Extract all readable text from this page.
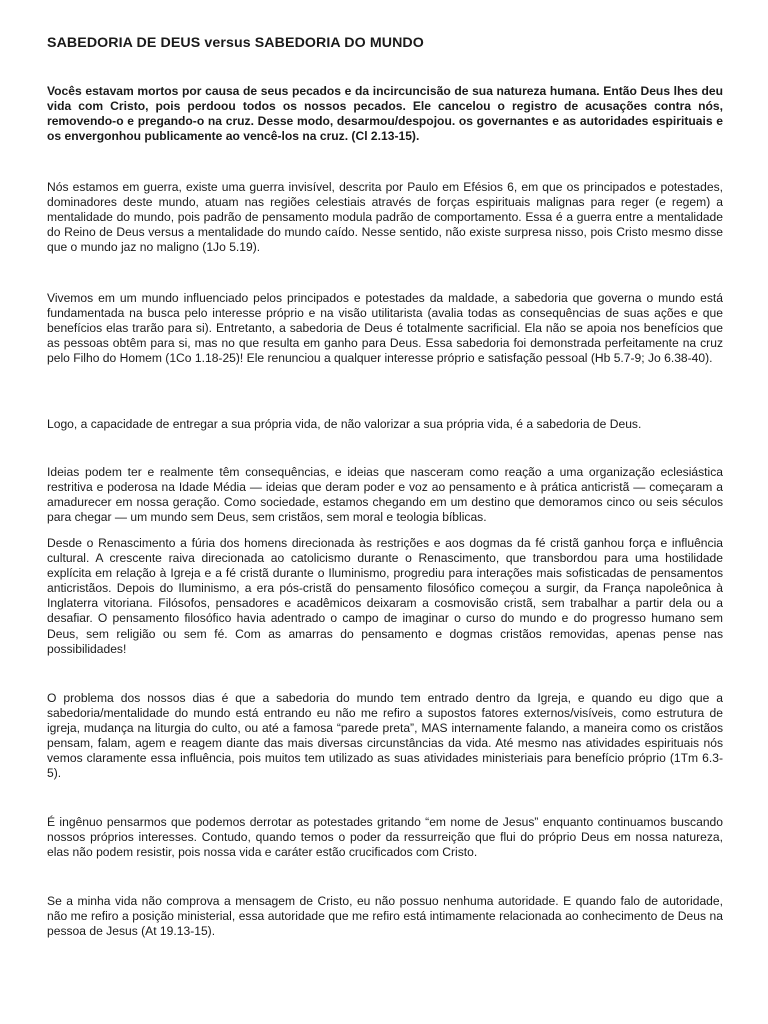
SABEDORIA DE DEUS versus SABEDORIA DO MUNDO

Vocês estavam mortos por causa de seus pecados e da incircuncisão de sua natureza humana. Então Deus lhes deu vida com Cristo, pois perdoou todos os nossos pecados. Ele cancelou o registro de acusações contra nós, removendo-o e pregando-o na cruz. Desse modo, desarmou/despojou. os governantes e as autoridades espirituais e os envergonhou publicamente ao vencê-los na cruz. (Cl 2.13-15).

Nós estamos em guerra, existe uma guerra invisível, descrita por Paulo em Efésios 6, em que os principados e potestades, dominadores deste mundo, atuam nas regiões celestiais através de forças espirituais malignas para reger (e regem) a mentalidade do mundo, pois padrão de pensamento modula padrão de comportamento. Essa é a guerra entre a mentalidade do Reino de Deus versus a mentalidade do mundo caído. Nesse sentido, não existe surpresa nisso, pois Cristo mesmo disse que o mundo jaz no maligno (1Jo 5.19).

Vivemos em um mundo influenciado pelos principados e potestades da maldade, a sabedoria que governa o mundo está fundamentada na busca pelo interesse próprio e na visão utilitarista (avalia todas as consequências de suas ações e que benefícios elas trarão para si). Entretanto, a sabedoria de Deus é totalmente sacrificial. Ela não se apoia nos benefícios que as pessoas obtêm para si, mas no que resulta em ganho para Deus. Essa sabedoria foi demonstrada perfeitamente na cruz pelo Filho do Homem (1Co 1.18-25)! Ele renunciou a qualquer interesse próprio e satisfação pessoal (Hb 5.7-9; Jo 6.38-40).

Logo, a capacidade de entregar a sua própria vida, de não valorizar a sua própria vida, é a sabedoria de Deus.

Ideias podem ter e realmente têm consequências, e ideias que nasceram como reação a uma organização eclesiástica restritiva e poderosa na Idade Média — ideias que deram poder e voz ao pensamento e à prática anticristã — começaram a amadurecer em nossa geração. Como sociedade, estamos chegando em um destino que demoramos cinco ou seis séculos para chegar — um mundo sem Deus, sem cristãos, sem moral e teologia bíblicas.

Desde o Renascimento a fúria dos homens direcionada às restrições e aos dogmas da fé cristã ganhou força e influência cultural. A crescente raiva direcionada ao catolicismo durante o Renascimento, que transbordou para uma hostilidade explícita em relação à Igreja e a fé cristã durante o Iluminismo, progrediu para interações mais sofisticadas de pensamentos anticristãos. Depois do Iluminismo, a era pós-cristã do pensamento filosófico começou a surgir, da França napoleônica à Inglaterra vitoriana. Filósofos, pensadores e acadêmicos deixaram a cosmovisão cristã, sem trabalhar a partir dela ou a desafiar. O pensamento filosófico havia adentrado o campo de imaginar o curso do mundo e do progresso humano sem Deus, sem religião ou sem fé. Com as amarras do pensamento e dogmas cristãos removidas, apenas pense nas possibilidades!

O problema dos nossos dias é que a sabedoria do mundo tem entrado dentro da Igreja, e quando eu digo que a sabedoria/mentalidade do mundo está entrando eu não me refiro a supostos fatores externos/visíveis, como estrutura de igreja, mudança na liturgia do culto, ou até a famosa “parede preta”, MAS internamente falando, a maneira como os cristãos pensam, falam, agem e reagem diante das mais diversas circunstâncias da vida. Até mesmo nas atividades espirituais nós vemos claramente essa influência, pois muitos tem utilizado as suas atividades ministeriais para benefício próprio (1Tm 6.3-5).

É ingênuo pensarmos que podemos derrotar as potestades gritando “em nome de Jesus” enquanto continuamos buscando nossos próprios interesses. Contudo, quando temos o poder da ressurreição que flui do próprio Deus em nossa natureza, elas não podem resistir, pois nossa vida e caráter estão crucificados com Cristo.

Se a minha vida não comprova a mensagem de Cristo, eu não possuo nenhuma autoridade. E quando falo de autoridade, não me refiro a posição ministerial, essa autoridade que me refiro está intimamente relacionada ao conhecimento de Deus na pessoa de Jesus (At 19.13-15).
